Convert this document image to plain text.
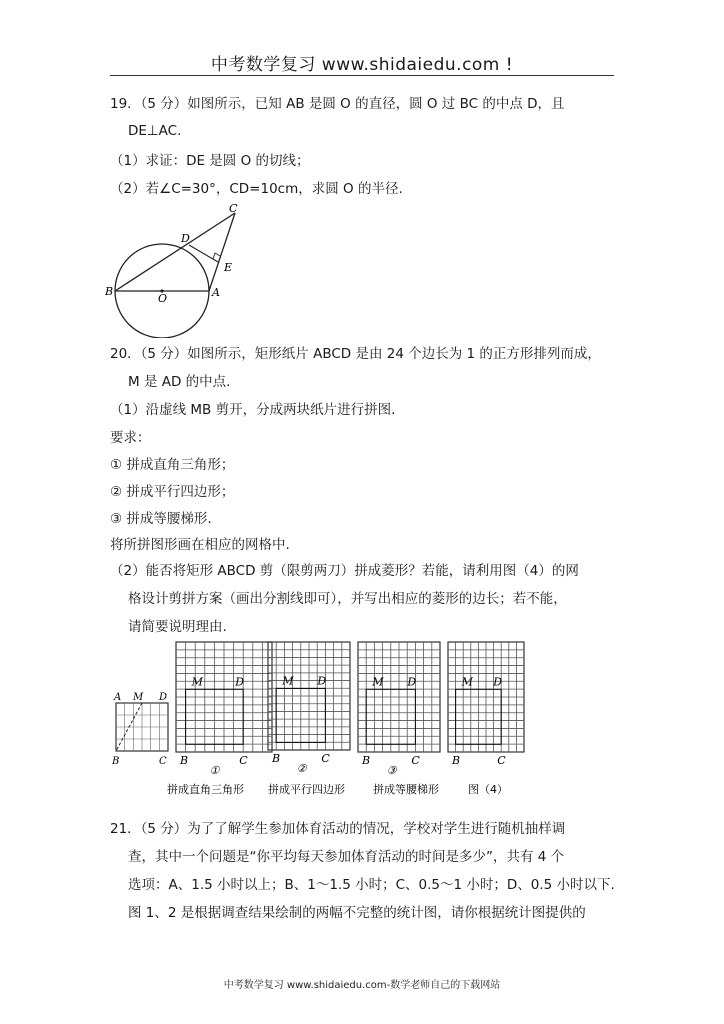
中考数学复习 www.shidaiedu.com !
19．（5 分）如图所示，已知 AB 是圆 O 的直径，圆 O 过 BC 的中点 D，且
DE⊥AC.
（1）求证：DE 是圆 O 的切线；
（2）若∠C=30°，CD=10cm，求圆 O 的半径.
C
D
E
B
O	A
20．（5 分）如图所示，矩形纸片 ABCD 是由 24 个边长为 1 的正方形排列而成，
M 是 AD 的中点.
（1）沿虚线 MB 剪开，分成两块纸片进行拼图.
要求：
① 拼成直角三角形；
② 拼成平行四边形；
③ 拼成等腰梯形.
将所拼图形画在相应的网格中.
（2）能否将矩形 ABCD 剪（限剪两刀）拼成菱形？若能，请利用图（4）的网
格设计剪拼方案（画出分割线即可），并写出相应的菱形的边长；若不能，
请简要说明理由.
A M D
B	C
M	D
B	C
①
M D
B	C
②
M D
B	C
③
M D
B	C
拼成直角三角形 拼成平行四边形	拼成等腰梯形	图（4）
21．（5 分）为了了解学生参加体育活动的情况，学校对学生进行随机抽样调
查，其中一个问题是“你平均每天参加体育活动的时间是多少”，共有 4 个
选项：A、1.5 小时以上；B、1～1.5 小时；C、0.5～1 小时；D、0.5 小时以下.
图 1、2 是根据调查结果绘制的两幅不完整的统计图，请你根据统计图提供的
中考数学复习 www.shidaiedu.com-数学老师自己的下载网站
